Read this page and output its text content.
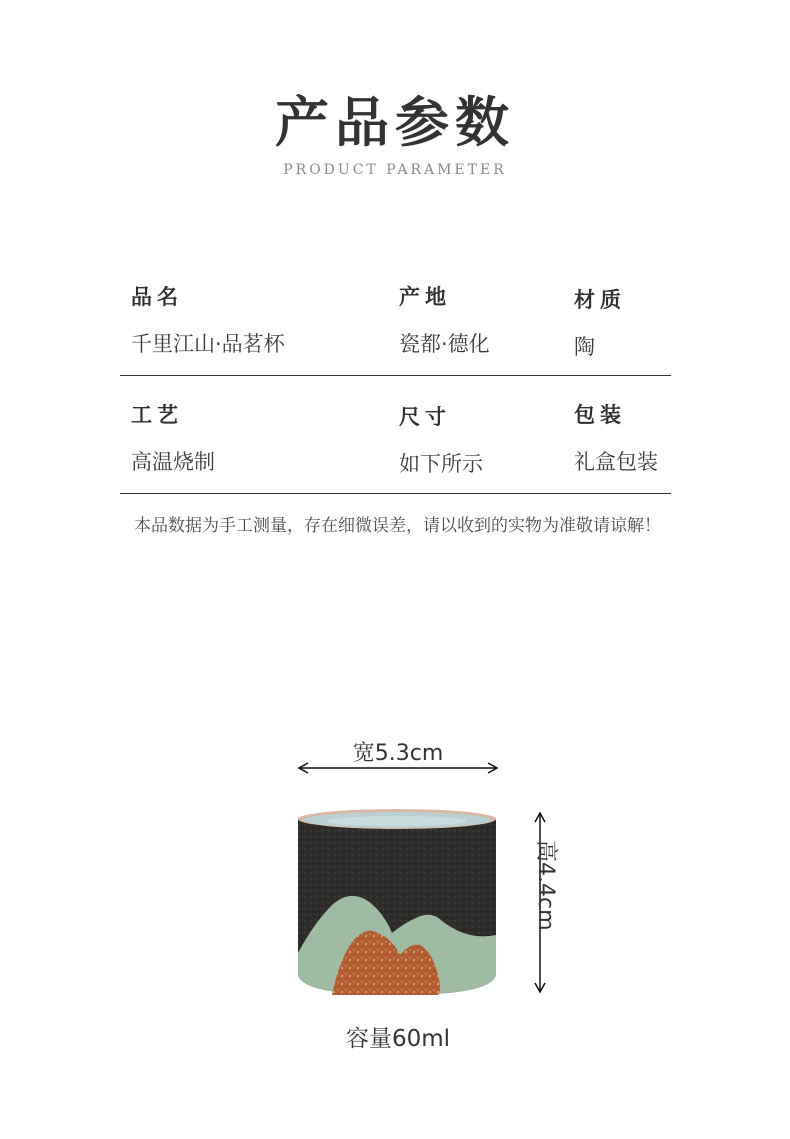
产品参数
PRODUCT PARAMETER
品名
千里江山·品茗杯
产地
瓷都·德化
材质
陶
工艺
高温烧制
尺寸
如下所示
包装
礼盒包装
本品数据为手工测量，存在细微误差，请以收到的实物为准敬请谅解！
宽5.3cm
高4.4cm
容量60ml
